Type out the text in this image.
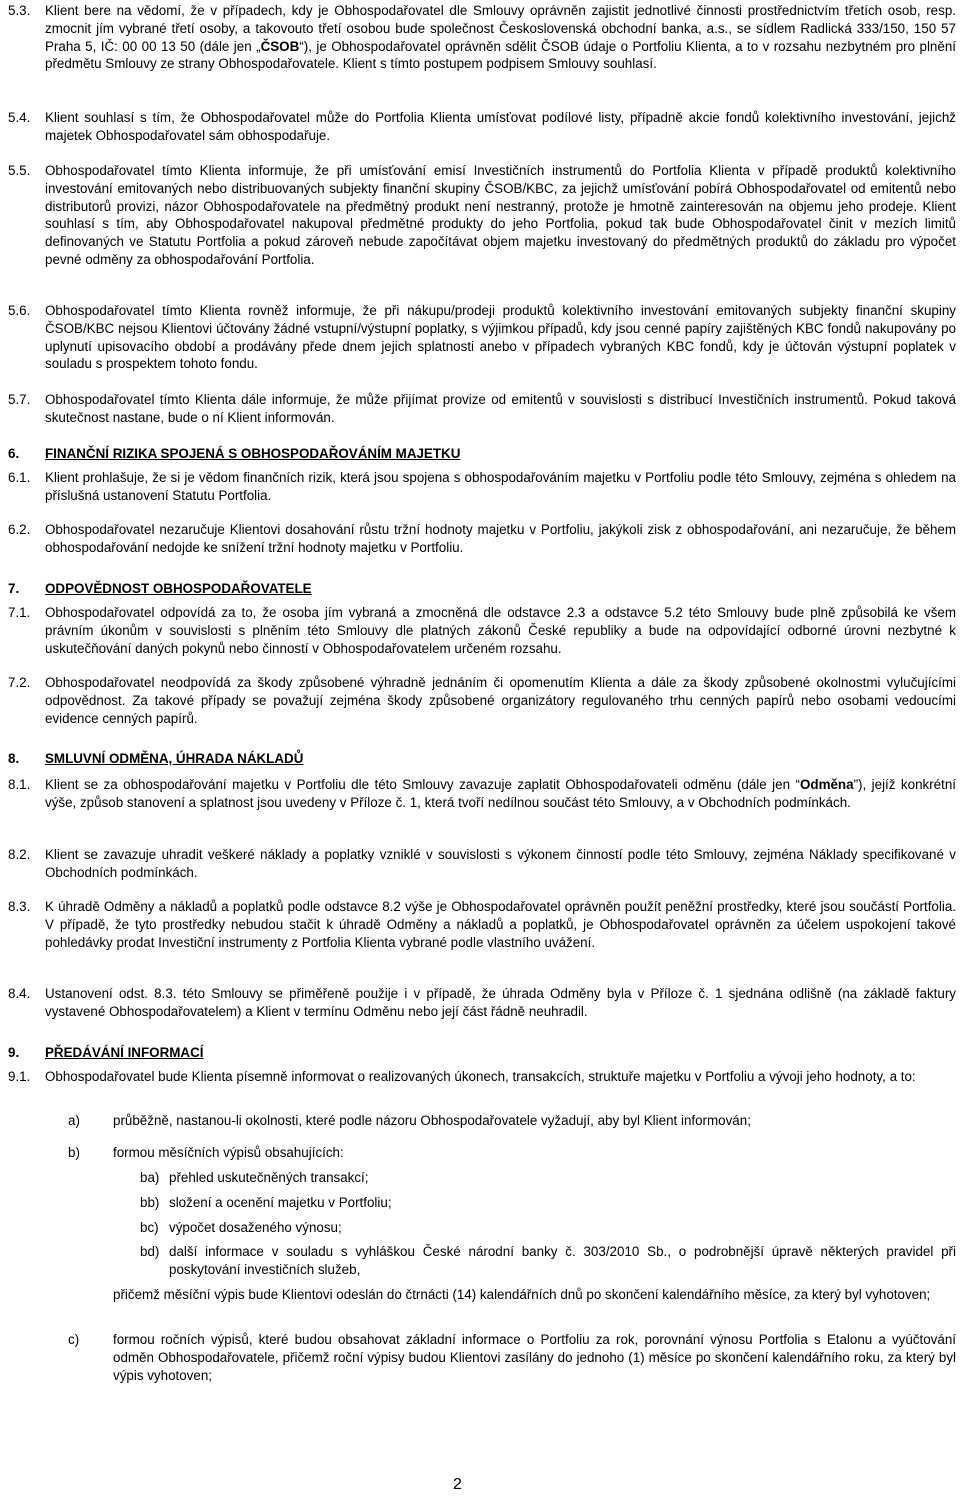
5.3.	Klient bere na vědomí, že v případech, kdy je Obhospodařovatel dle Smlouvy oprávněn zajistit jednotlivé činnosti prostřednictvím třetích osob, resp. zmocnit jím vybrané třetí osoby, a takovouto třetí osobou bude společnost Československá obchodní banka, a.s., se sídlem Radlická 333/150, 150 57 Praha 5, IČ: 00 00 13 50 (dále jen „ČSOB“), je Obhospodařovatel oprávněn sdělit ČSOB údaje o Portfoliu Klienta, a to v rozsahu nezbytném pro plnění předmětu Smlouvy ze strany Obhospodařovatele. Klient s tímto postupem podpisem Smlouvy souhlasí.
5.4.	Klient souhlasí s tím, že Obhospodařovatel může do Portfolia Klienta umísťovat podílové listy, případně akcie fondů kolektivního investování, jejichž majetek Obhospodařovatel sám obhospodařuje.
5.5.	Obhospodařovatel tímto Klienta informuje, že při umísťování emisí Investičních instrumentů do Portfolia Klienta v případě produktů kolektivního investování emitovaných nebo distribuovaných subjekty finanční skupiny ČSOB/KBC, za jejichž umísťování pobírá Obhospodařovatel od emitentů nebo distributorů provizi, názor Obhospodařovatele na předmětný produkt není nestranný, protože je hmotně zainteresován na objemu jeho prodeje. Klient souhlasí s tím, aby Obhospodařovatel nakupoval předmětné produkty do jeho Portfolia, pokud tak bude Obhospodařovatel činit v mezích limitů definovaných ve Statutu Portfolia a pokud zároveň nebude započítávat objem majetku investovaný do předmětných produktů do základu pro výpočet pevné odměny za obhospodařování Portfolia.
5.6.	Obhospodařovatel tímto Klienta rovněž informuje, že při nákupu/prodeji produktů kolektivního investování emitovaných subjekty finanční skupiny ČSOB/KBC nejsou Klientovi účtovány žádné vstupní/výstupní poplatky, s výjimkou případů, kdy jsou cenné papíry zajištěných KBC fondů nakupovány po uplynutí upisovacího období a prodávány přede dnem jejich splatnosti anebo v případech vybraných KBC fondů, kdy je účtován výstupní poplatek v souladu s prospektem tohoto fondu.
5.7.	Obhospodařovatel tímto Klienta dále informuje, že může přijímat provize od emitentů v souvislosti s distribucí Investičních instrumentů. Pokud taková skutečnost nastane, bude o ní Klient informován.
6.	FINANČNÍ RIZIKA SPOJENÁ S OBHOSPODAŘOVÁNÍM MAJETKU
6.1.	Klient prohlašuje, že si je vědom finančních rizik, která jsou spojena s obhospodařováním majetku v Portfoliu podle této Smlouvy, zejména s ohledem na příslušná ustanovení Statutu Portfolia.
6.2.	Obhospodařovatel nezaručuje Klientovi dosahování růstu tržní hodnoty majetku v Portfoliu, jakýkoli zisk z obhospodařování, ani nezaručuje, že během obhospodařování nedojde ke snížení tržní hodnoty majetku v Portfoliu.
7.	ODPOVĚDNOST OBHOSPODAŘOVATELE
7.1.	Obhospodařovatel odpovídá za to, že osoba jím vybraná a zmocněná dle odstavce 2.3 a odstavce 5.2 této Smlouvy bude plně způsobilá ke všem právním úkonům v souvislosti s plněním této Smlouvy dle platných zákonů České republiky a bude na odpovídající odborné úrovni nezbytné k uskutečňování daných pokynů nebo činností v Obhospodařovatelem určeném rozsahu.
7.2.	Obhospodařovatel neodpovídá za škody způsobené výhradně jednáním či opomenutím Klienta a dále za škody způsobené okolnostmi vylučujícími odpovědnost. Za takové případy se považují zejména škody způsobené organizátory regulovaného trhu cenných papírů nebo osobami vedoucími evidence cenných papírů.
8.	SMLUVNÍ ODMĚNA, ÚHRADA NÁKLADŮ
8.1.	Klient se za obhospodařování majetku v Portfoliu dle této Smlouvy zavazuje zaplatit Obhospodařovateli odměnu (dále jen “Odměna”), jejíž konkrétní výše, způsob stanovení a splatnost jsou uvedeny v Příloze č. 1, která tvoří nedílnou součást této Smlouvy, a v Obchodních podmínkách.
8.2.	Klient se zavazuje uhradit veškeré náklady a poplatky vzniklé v souvislosti s výkonem činností podle této Smlouvy, zejména Náklady specifikované v Obchodních podmínkách.
8.3.	K úhradě Odměny a nákladů a poplatků podle odstavce 8.2 výše je Obhospodařovatel oprávněn použít peněžní prostředky, které jsou součástí Portfolia. V případě, že tyto prostředky nebudou stačit k úhradě Odměny a nákladů a poplatků, je Obhospodařovatel oprávněn za účelem uspokojení takové pohledávky prodat Investiční instrumenty z Portfolia Klienta vybrané podle vlastního uvážení.
8.4.	Ustanovení odst. 8.3. této Smlouvy se přiměřeně použije i v případě, že úhrada Odměny byla v Příloze č. 1 sjednána odlišně (na základě faktury vystavené Obhospodařovatelem) a Klient v termínu Odměnu nebo její část řádně neuhradil.
9.	PŘEDÁVÁNÍ INFORMACÍ
9.1.	Obhospodařovatel bude Klienta písemně informovat o realizovaných úkonech, transakcích, struktuře majetku v Portfoliu a vývoji jeho hodnoty, a to:
a)	průběžně, nastanou-li okolnosti, které podle názoru Obhospodařovatele vyžadují, aby byl Klient informován;
b)	formou měsíčních výpisů obsahujících:
ba) přehled uskutečněných transakcí;
bb) složení a ocenění majetku v Portfoliu;
bc) výpočet dosaženého výnosu;
bd) další informace v souladu s vyhláškou České národní banky č. 303/2010 Sb., o podrobnější úpravě některých pravidel při poskytování investičních služeb,
přičemž měsíční výpis bude Klientovi odeslán do čtrnácti (14) kalendářních dnů po skončení kalendářního měsíce, za který byl vyhotoven;
c)	formou ročních výpisů, které budou obsahovat základní informace o Portfoliu za rok, porovnání výnosu Portfolia s Etalonu a vyúčtování odměn Obhospodařovatele, přičemž roční výpisy budou Klientovi zasílány do jednoho (1) měsíce po skončení kalendářního roku, za který byl výpis vyhotoven;
2
